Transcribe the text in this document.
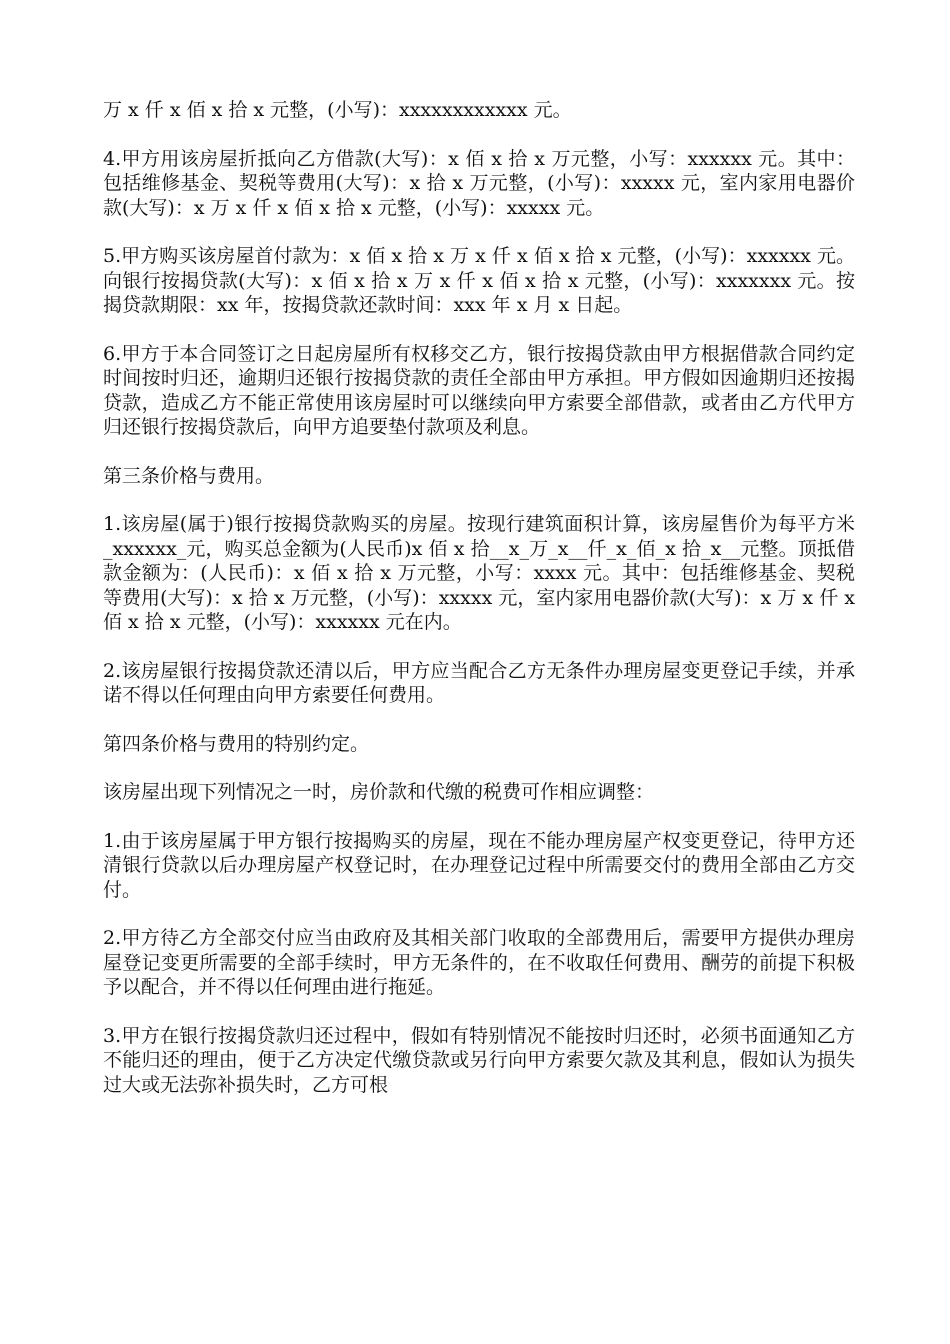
万 x 仟 x 佰 x 拾 x 元整，(小写)：xxxxxxxxxxxx 元。

4.甲方用该房屋折抵向乙方借款(大写)：x 佰 x 拾 x 万元整，小写：xxxxxx 元。其中：包括维修基金、契税等费用(大写)：x 拾 x 万元整，(小写)：xxxxx 元，室内家用电器价款(大写)：x 万 x 仟 x 佰 x 拾 x 元整，(小写)：xxxxx 元。

5.甲方购买该房屋首付款为：x 佰 x 拾 x 万 x 仟 x 佰 x 拾 x 元整，(小写)：xxxxxx 元。向银行按揭贷款(大写)：x 佰 x 拾 x 万 x 仟 x 佰 x 拾 x 元整，(小写)：xxxxxxx 元。按揭贷款期限：xx 年，按揭贷款还款时间：xxx 年 x 月 x 日起。

6.甲方于本合同签订之日起房屋所有权移交乙方，银行按揭贷款由甲方根据借款合同约定时间按时归还，逾期归还银行按揭贷款的责任全部由甲方承担。甲方假如因逾期归还按揭贷款，造成乙方不能正常使用该房屋时可以继续向甲方索要全部借款，或者由乙方代甲方归还银行按揭贷款后，向甲方追要垫付款项及利息。

第三条价格与费用。

1.该房屋(属于)银行按揭贷款购买的房屋。按现行建筑面积计算，该房屋售价为每平方米_xxxxxx_元，购买总金额为(人民币)x 佰 x 拾__x_万_x__仟_x_佰_x 拾_x__元整。顶抵借款金额为：(人民币)：x 佰 x 拾 x 万元整，小写：xxxx 元。其中：包括维修基金、契税等费用(大写)：x 拾 x 万元整，(小写)：xxxxx 元，室内家用电器价款(大写)：x 万 x 仟 x 佰 x 拾 x 元整，(小写)：xxxxxx 元在内。

2.该房屋银行按揭贷款还清以后，甲方应当配合乙方无条件办理房屋变更登记手续，并承诺不得以任何理由向甲方索要任何费用。

第四条价格与费用的特别约定。

该房屋出现下列情况之一时，房价款和代缴的税费可作相应调整：

1.由于该房屋属于甲方银行按揭购买的房屋，现在不能办理房屋产权变更登记，待甲方还清银行贷款以后办理房屋产权登记时，在办理登记过程中所需要交付的费用全部由乙方交付。

2.甲方待乙方全部交付应当由政府及其相关部门收取的全部费用后，需要甲方提供办理房屋登记变更所需要的全部手续时，甲方无条件的，在不收取任何费用、酬劳的前提下积极予以配合，并不得以任何理由进行拖延。

3.甲方在银行按揭贷款归还过程中，假如有特别情况不能按时归还时，必须书面通知乙方不能归还的理由，便于乙方决定代缴贷款或另行向甲方索要欠款及其利息，假如认为损失过大或无法弥补损失时，乙方可根
